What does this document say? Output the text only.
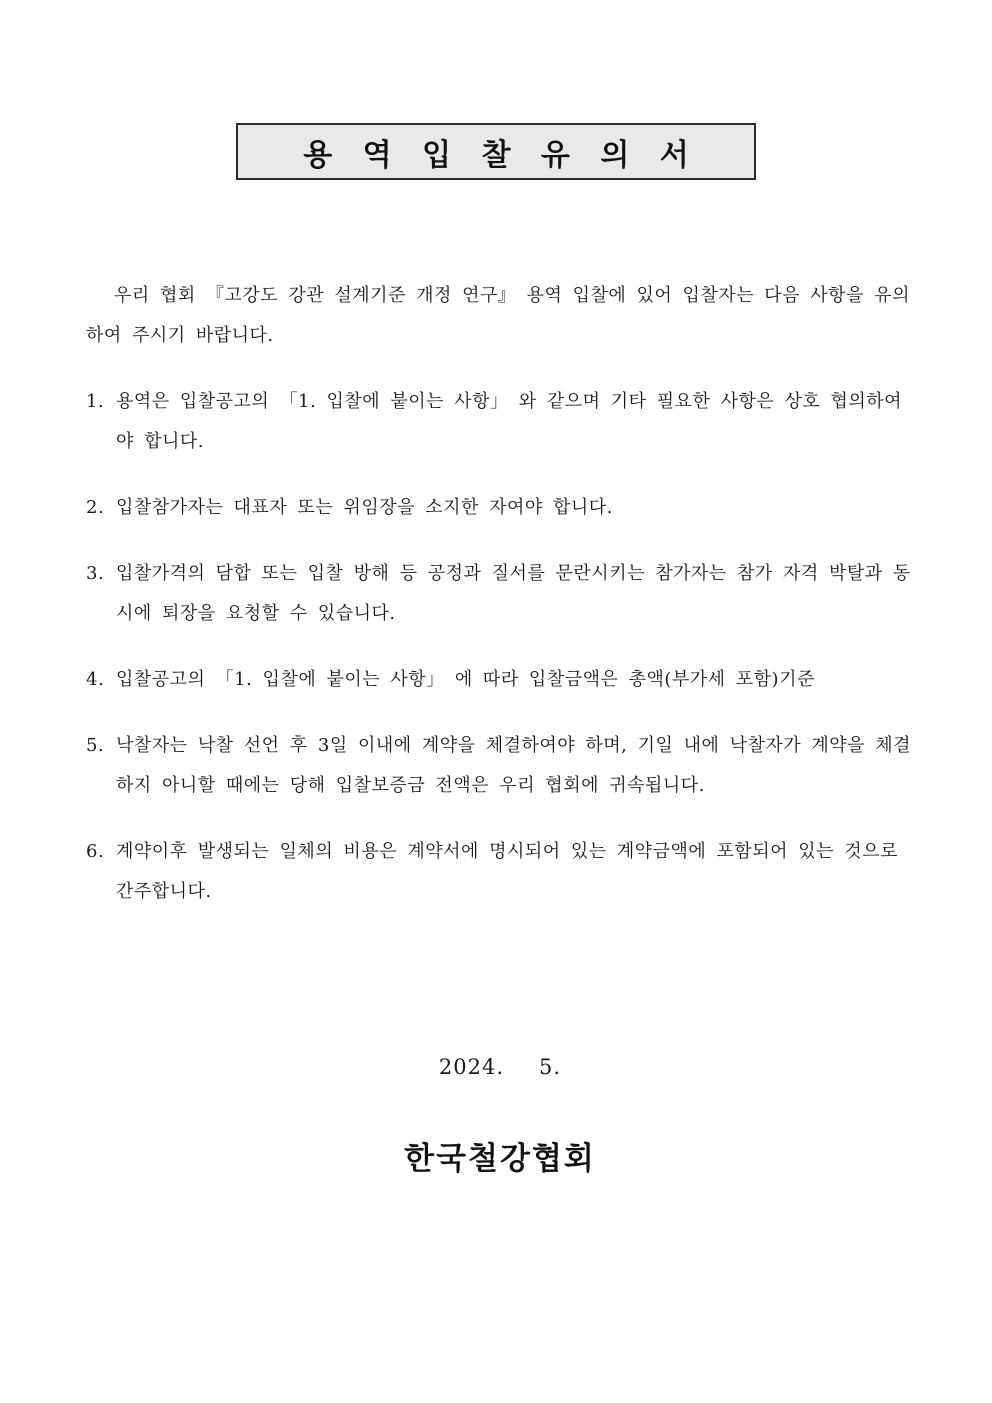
용 역 입 찰 유 의 서

우리 협회 『고강도 강관 설계기준 개정 연구』 용역 입찰에 있어 입찰자는 다음 사항을 유의하여 주시기 바랍니다.

1. 용역은 입찰공고의 「1. 입찰에 붙이는 사항」 와 같으며 기타 필요한 사항은 상호 협의하여야 합니다.
2. 입찰참가자는 대표자 또는 위임장을 소지한 자여야 합니다.
3. 입찰가격의 담합 또는 입찰 방해 등 공정과 질서를 문란시키는 참가자는 참가 자격 박탈과 동시에 퇴장을 요청할 수 있습니다.
4. 입찰공고의 「1. 입찰에 붙이는 사항」 에 따라 입찰금액은 총액(부가세 포함)기준
5. 낙찰자는 낙찰 선언 후 3일 이내에 계약을 체결하여야 하며, 기일 내에 낙찰자가 계약을 체결하지 아니할 때에는 당해 입찰보증금 전액은 우리 협회에 귀속됩니다.
6. 계약이후 발생되는 일체의 비용은 계약서에 명시되어 있는 계약금액에 포함되어 있는 것으로 간주합니다.
2024.   5.
한국철강협회
